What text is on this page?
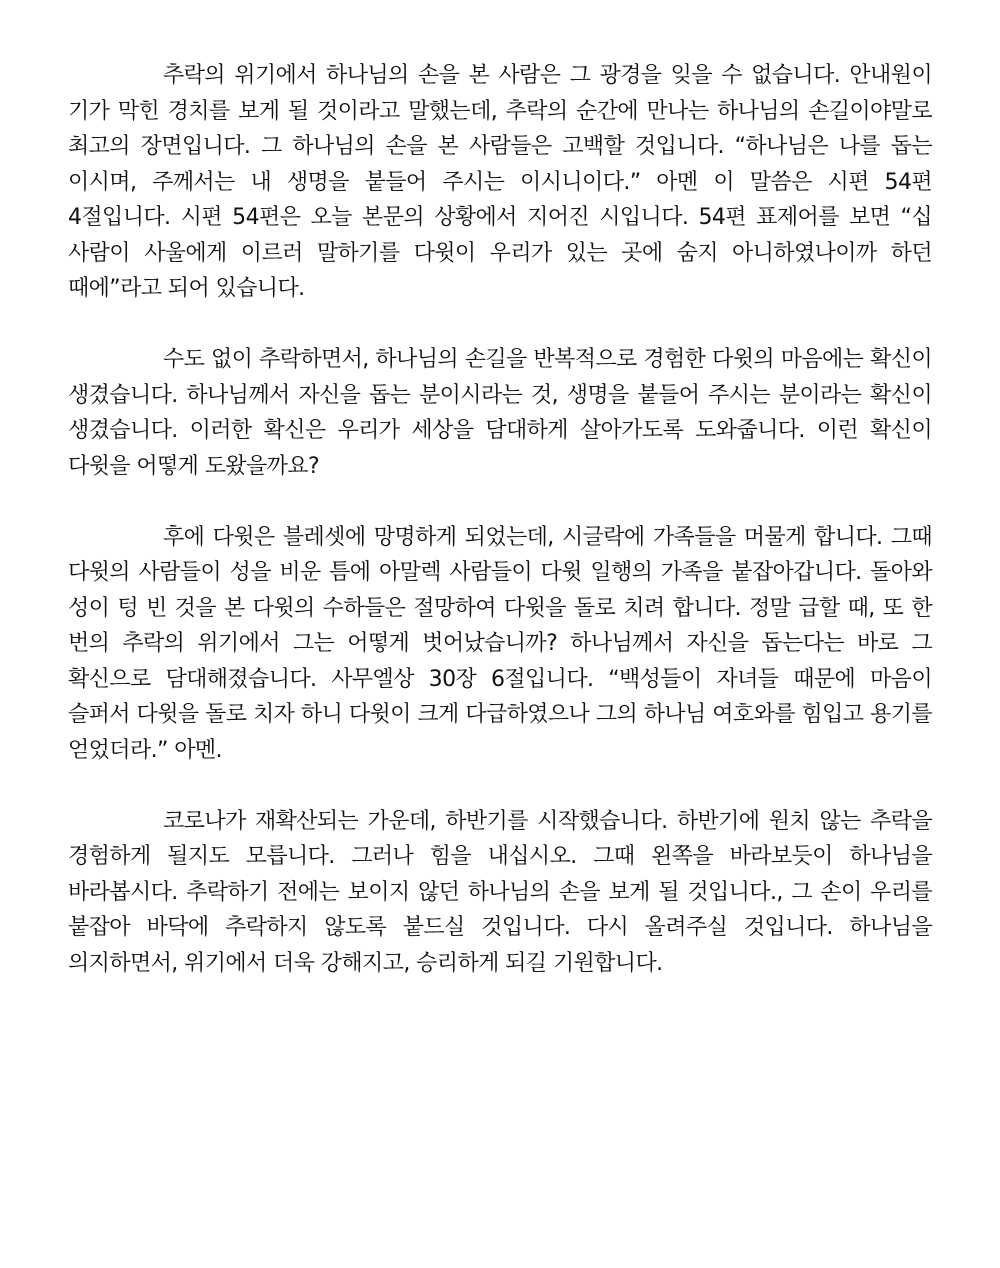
추락의 위기에서 하나님의 손을 본 사람은 그 광경을 잊을 수 없습니다. 안내원이 기가 막힌 경치를 보게 될 것이라고 말했는데, 추락의 순간에 만나는 하나님의 손길이야말로 최고의 장면입니다. 그 하나님의 손을 본 사람들은 고백할 것입니다. “하나님은 나를 돕는 이시며, 주께서는 내 생명을 붙들어 주시는 이시니이다.” 아멘 이 말씀은 시편 54편 4절입니다. 시편 54편은 오늘 본문의 상황에서 지어진 시입니다. 54편 표제어를 보면 “십 사람이 사울에게 이르러 말하기를 다윗이 우리가 있는 곳에 숨지 아니하였나이까 하던 때에”라고 되어 있습니다.

수도 없이 추락하면서, 하나님의 손길을 반복적으로 경험한 다윗의 마음에는 확신이 생겼습니다. 하나님께서 자신을 돕는 분이시라는 것, 생명을 붙들어 주시는 분이라는 확신이 생겼습니다. 이러한 확신은 우리가 세상을 담대하게 살아가도록 도와줍니다. 이런 확신이 다윗을 어떻게 도왔을까요?

후에 다윗은 블레셋에 망명하게 되었는데, 시글락에 가족들을 머물게 합니다. 그때 다윗의 사람들이 성을 비운 틈에 아말렉 사람들이 다윗 일행의 가족을 붙잡아갑니다. 돌아와 성이 텅 빈 것을 본 다윗의 수하들은 절망하여 다윗을 돌로 치려 합니다. 정말 급할 때, 또 한 번의 추락의 위기에서 그는 어떻게 벗어났습니까? 하나님께서 자신을 돕는다는 바로 그 확신으로 담대해졌습니다. 사무엘상 30장 6절입니다. “백성들이 자녀들 때문에 마음이 슬퍼서 다윗을 돌로 치자 하니 다윗이 크게 다급하였으나 그의 하나님 여호와를 힘입고 용기를 얻었더라.” 아멘.

코로나가 재확산되는 가운데, 하반기를 시작했습니다. 하반기에 원치 않는 추락을 경험하게 될지도 모릅니다. 그러나 힘을 내십시오. 그때 왼쪽을 바라보듯이 하나님을 바라봅시다. 추락하기 전에는 보이지 않던 하나님의 손을 보게 될 것입니다., 그 손이 우리를 붙잡아 바닥에 추락하지 않도록 붙드실 것입니다. 다시 올려주실 것입니다. 하나님을 의지하면서, 위기에서 더욱 강해지고, 승리하게 되길 기원합니다.
